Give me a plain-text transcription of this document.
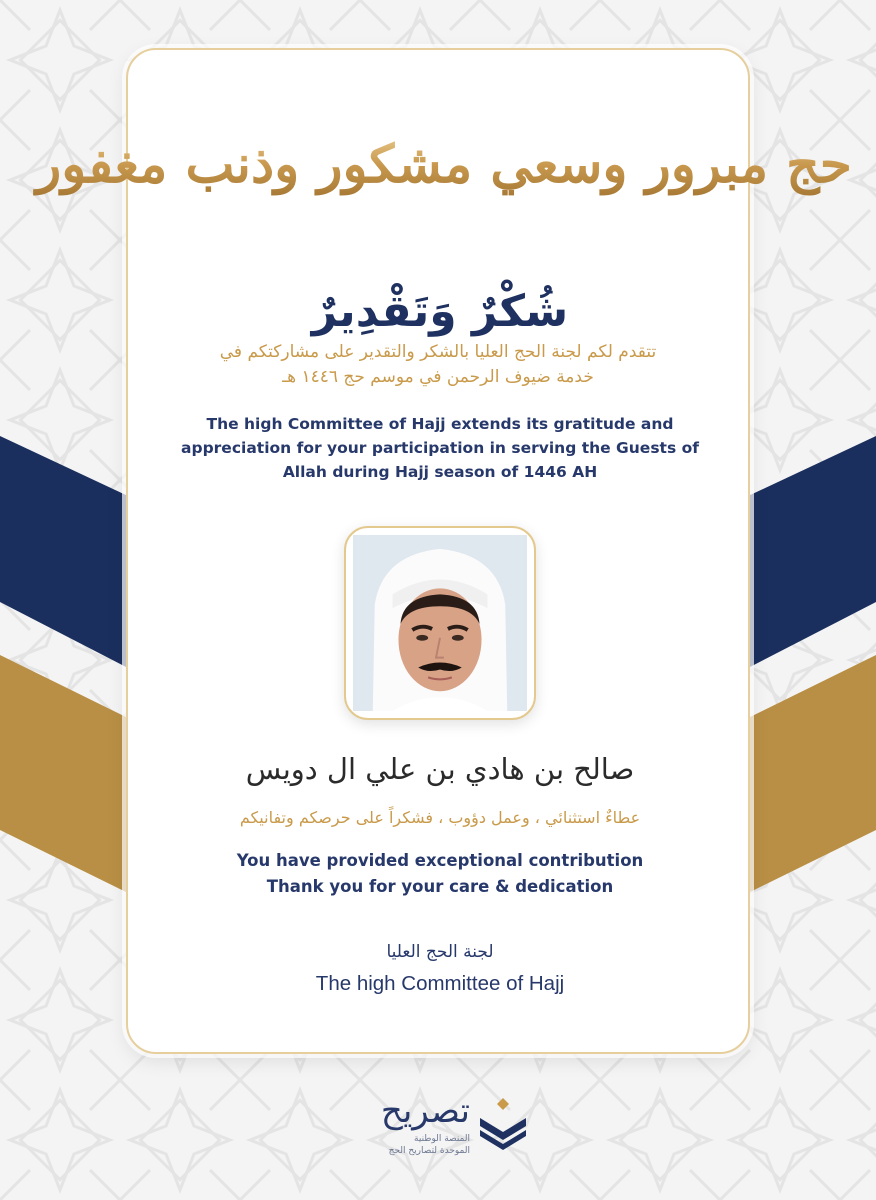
حج مبرور وسعي مشكور وذنب مغفور
شُكْرٌ وَتَقْدِيرٌ
تتقدم لكم لجنة الحج العليا بالشكر والتقدير على مشاركتكم في
خدمة ضيوف الرحمن في موسم حج ١٤٤٦ هـ
The high Committee of Hajj extends its gratitude and
appreciation for your participation in serving the Guests of
Allah during Hajj season of 1446 AH
صالح بن هادي بن علي ال دويس
عطاءٌ استثنائي ، وعمل دؤوب ، فشكراً على حرصكم وتفانيكم
You have provided exceptional contribution
Thank you for your care & dedication
لجنة الحج العليا
The high Committee of Hajj
تصريح
المنصة الوطنية
الموحدة لتصاريح الحج
